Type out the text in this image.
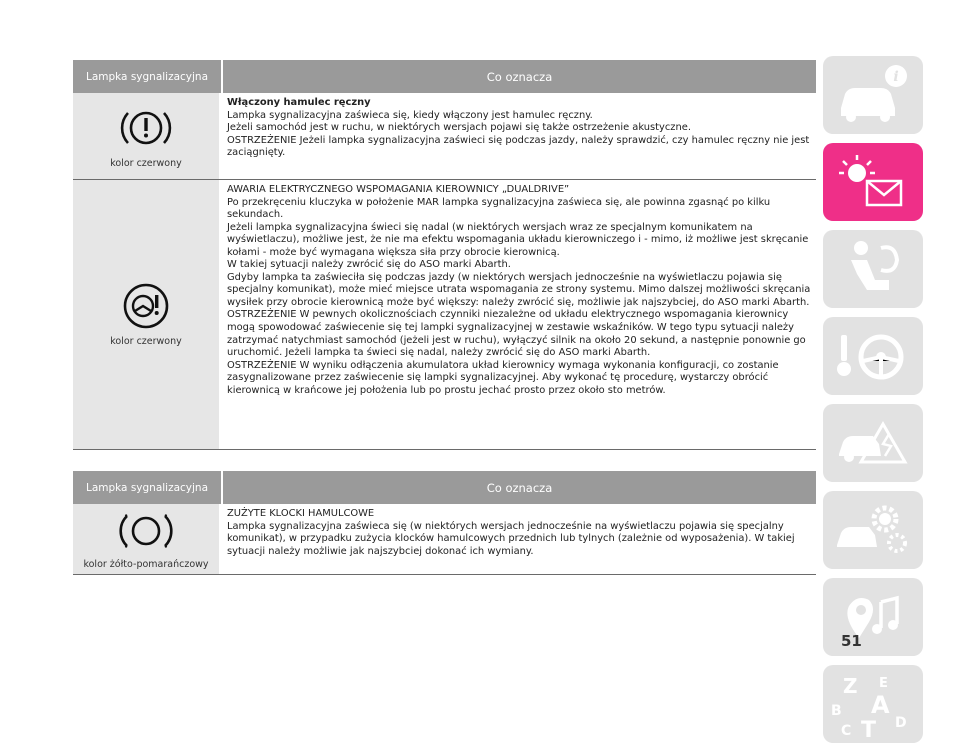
Lampka sygnalizacyjna	Co oznacza
kolor czerwony

Włączony hamulec ręczny

Lampka sygnalizacyjna zaświeca się, kiedy włączony jest hamulec ręczny.

Jeżeli samochód jest w ruchu, w niektórych wersjach pojawi się także ostrzeżenie akustyczne.

OSTRZEŻENIE Jeżeli lampka sygnalizacyjna zaświeci się podczas jazdy, należy sprawdzić, czy hamulec ręczny nie jest zaciągnięty.

kolor czerwony

AWARIA ELEKTRYCZNEGO WSPOMAGANIA KIEROWNICY „DUALDRIVE”

Po przekręceniu kluczyka w położenie MAR lampka sygnalizacyjna zaświeca się, ale powinna zgasnąć po kilku sekundach.

Jeżeli lampka sygnalizacyjna świeci się nadal (w niektórych wersjach wraz ze specjalnym komunikatem na wyświetlaczu), możliwe jest, że nie ma efektu wspomagania układu kierowniczego i - mimo, iż możliwe jest skręcanie kołami - może być wymagana większa siła przy obrocie kierownicą.

W takiej sytuacji należy zwrócić się do ASO marki Abarth.

Gdyby lampka ta zaświeciła się podczas jazdy (w niektórych wersjach jednocześnie na wyświetlaczu pojawia się specjalny komunikat), może mieć miejsce utrata wspomagania ze strony systemu. Mimo dalszej możliwości skręcania wysiłek przy obrocie kierownicą może być większy: należy zwrócić się, możliwie jak najszybciej, do ASO marki Abarth.

OSTRZEŻENIE W pewnych okolicznościach czynniki niezależne od układu elektrycznego wspomagania kierownicy mogą spowodować zaświecenie się tej lampki sygnalizacyjnej w zestawie wskaźników. W tego typu sytuacji należy zatrzymać natychmiast samochód (jeżeli jest w ruchu), wyłączyć silnik na około 20 sekund, a następnie ponownie go uruchomić. Jeżeli lampka ta świeci się nadal, należy zwrócić się do ASO marki Abarth.

OSTRZEŻENIE W wyniku odłączenia akumulatora układ kierownicy wymaga wykonania konfiguracji, co zostanie zasygnalizowane przez zaświecenie się lampki sygnalizacyjnej. Aby wykonać tę procedurę, wystarczy obrócić kierownicą w krańcowe jej położenia lub po prostu jechać prosto przez około sto metrów.

Lampka sygnalizacyjna	Co oznacza
kolor żółto-pomarańczowy

ZUŻYTE KLOCKI HAMULCOWE

Lampka sygnalizacyjna zaświeca się (w niektórych wersjach jednocześnie na wyświetlaczu pojawia się specjalny komunikat), w przypadku zużycia klocków hamulcowych przednich lub tylnych (zależnie od wyposażenia). W takiej sytuacji należy możliwie jak najszybciej dokonać ich wymiany.

i
Z E
B A
C T D
51
